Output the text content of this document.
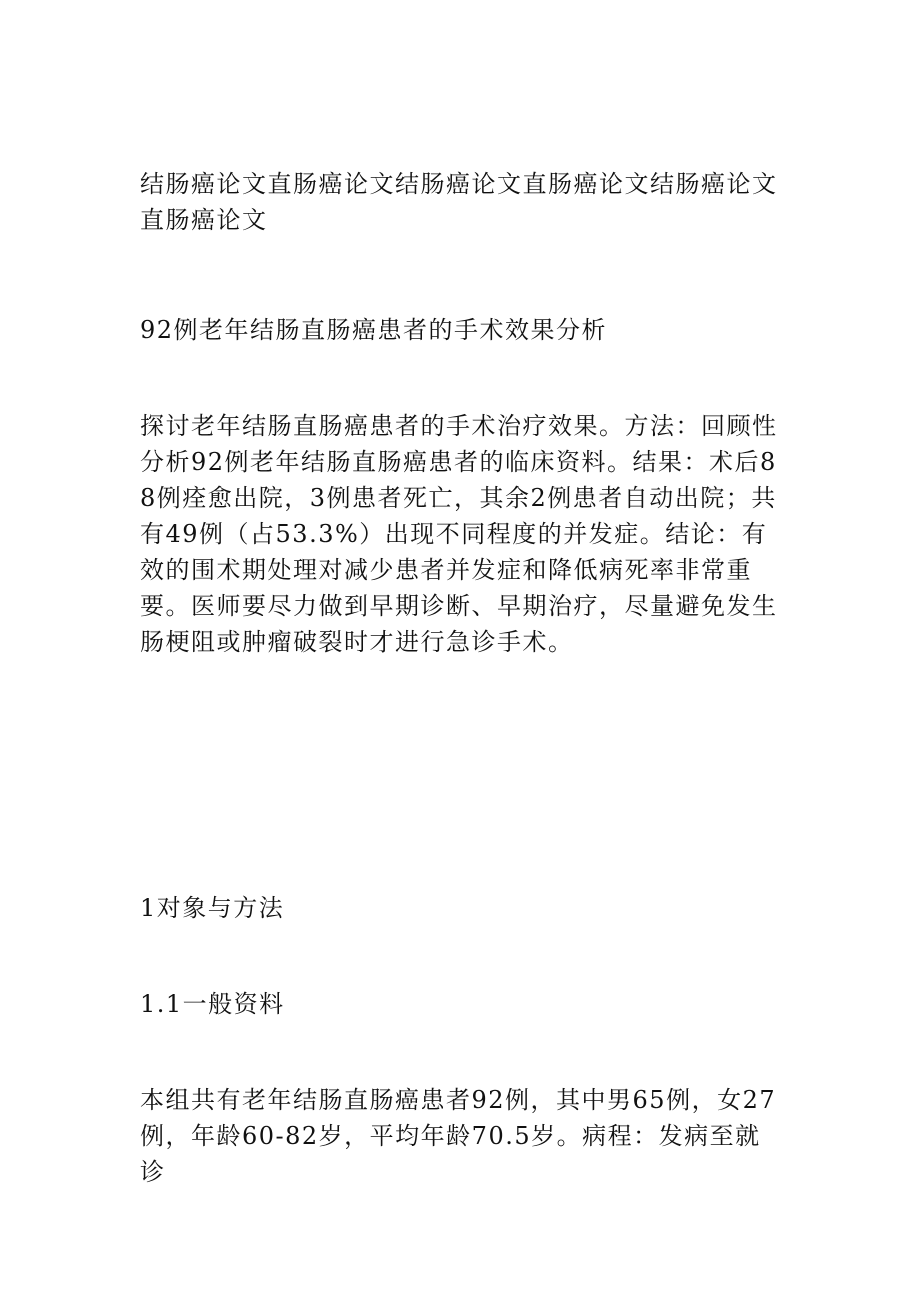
结肠癌论文直肠癌论文结肠癌论文直肠癌论文结肠癌论文直肠癌论文

92例老年结肠直肠癌患者的手术效果分析

探讨老年结肠直肠癌患者的手术治疗效果。方法：回顾性分析92例老年结肠直肠癌患者的临床资料。结果：术后88例痊愈出院，3例患者死亡，其余2例患者自动出院；共有49例（占53.3%）出现不同程度的并发症。结论：有效的围术期处理对减少患者并发症和降低病死率非常重要。医师要尽力做到早期诊断、早期治疗，尽量避免发生肠梗阻或肿瘤破裂时才进行急诊手术。

1对象与方法

1.1一般资料

本组共有老年结肠直肠癌患者92例，其中男65例，女27例，年龄60-82岁，平均年龄70.5岁。病程：发病至就诊
